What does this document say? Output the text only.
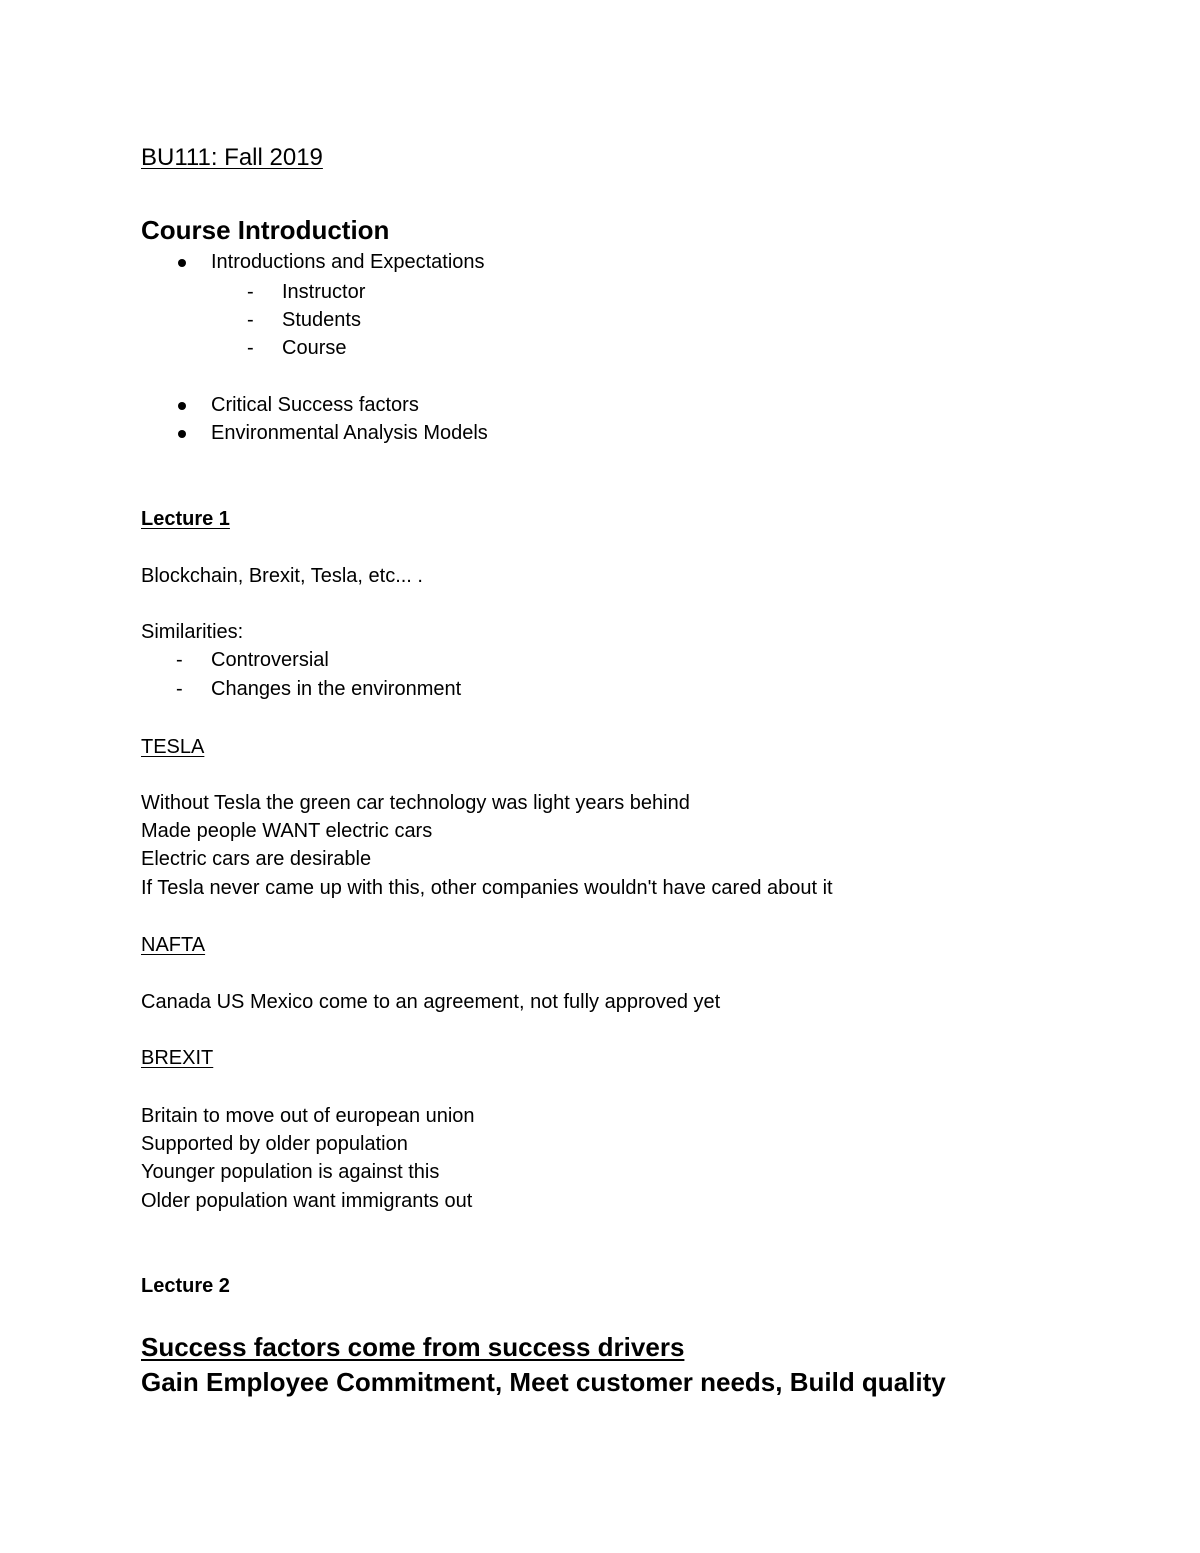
BU111: Fall 2019
Course Introduction
Introductions and Expectations
- Instructor
- Students
- Course
Critical Success factors
Environmental Analysis Models
Lecture 1
Blockchain, Brexit, Tesla, etc... .
Similarities:
- Controversial
- Changes in the environment
TESLA
Without Tesla the green car technology was light years behind
Made people WANT electric cars
Electric cars are desirable
If Tesla never came up with this, other companies wouldn't have cared about it
NAFTA
Canada US Mexico come to an agreement, not fully approved yet
BREXIT
Britain to move out of european union
Supported by older population
Younger population is against this
Older population want immigrants out
Lecture 2
Success factors come from success drivers
Gain Employee Commitment, Meet customer needs, Build quality
